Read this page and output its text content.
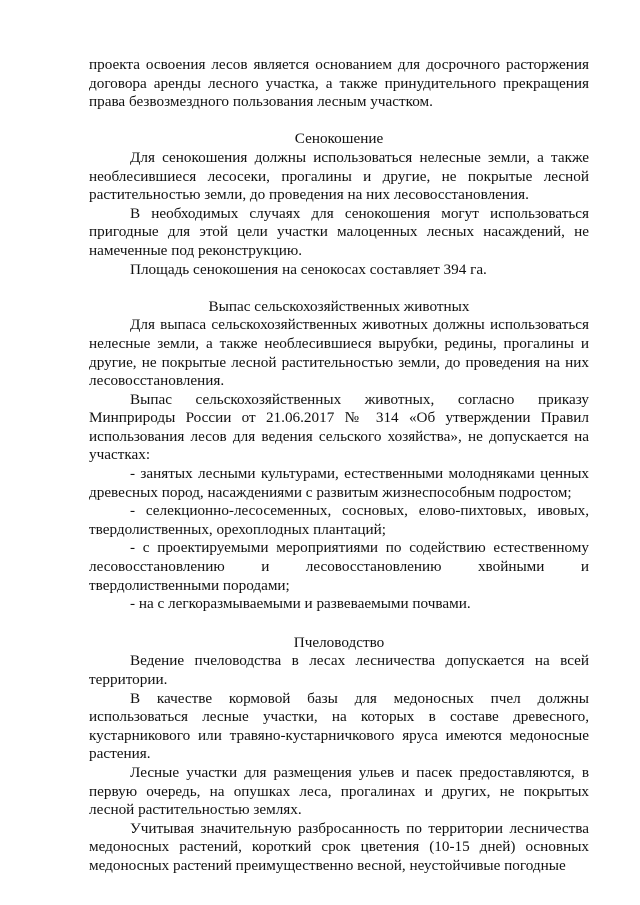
проекта освоения лесов является основанием для досрочного расторжения договора аренды лесного участка, а также принудительного прекращения права безвозмездного пользования лесным участком.

Сенокошение

Для сенокошения должны использоваться нелесные земли, а также необлесившиеся лесосеки, прогалины и другие, не покрытые лесной растительностью земли, до проведения на них лесовосстановления.

В необходимых случаях для сенокошения могут использоваться пригодные для этой цели участки малоценных лесных насаждений, не намеченные под реконструкцию.

Площадь сенокошения на сенокосах составляет 394 га.

Выпас сельскохозяйственных животных

Для выпаса сельскохозяйственных животных должны использоваться нелесные земли, а также необлесившиеся вырубки, редины, прогалины и другие, не покрытые лесной растительностью земли, до проведения на них лесовосстановления.

Выпас сельскохозяйственных животных, согласно приказу Минприроды России от 21.06.2017 № 314 «Об утверждении Правил использования лесов для ведения сельского хозяйства», не допускается на участках:

- занятых лесными культурами, естественными молодняками ценных древесных пород, насаждениями с развитым жизнеспособным подростом;

- селекционно-лесосеменных, сосновых, елово-пихтовых, ивовых, твердолиственных, орехоплодных плантаций;

- с проектируемыми мероприятиями по содействию естественному лесовосстановлению и лесовосстановлению хвойными и твердолиственными породами;

- на с легкоразмываемыми и развеваемыми почвами.

Пчеловодство

Ведение пчеловодства в лесах лесничества допускается на всей территории.

В качестве кормовой базы для медоносных пчел должны использоваться лесные участки, на которых в составе древесного, кустарникового или травяно-кустарничкового яруса имеются медоносные растения.

Лесные участки для размещения ульев и пасек предоставляются, в первую очередь, на опушках леса, прогалинах и других, не покрытых лесной растительностью землях.

Учитывая значительную разбросанность по территории лесничества медоносных растений, короткий срок цветения (10-15 дней) основных медоносных растений преимущественно весной, неустойчивые погодные
